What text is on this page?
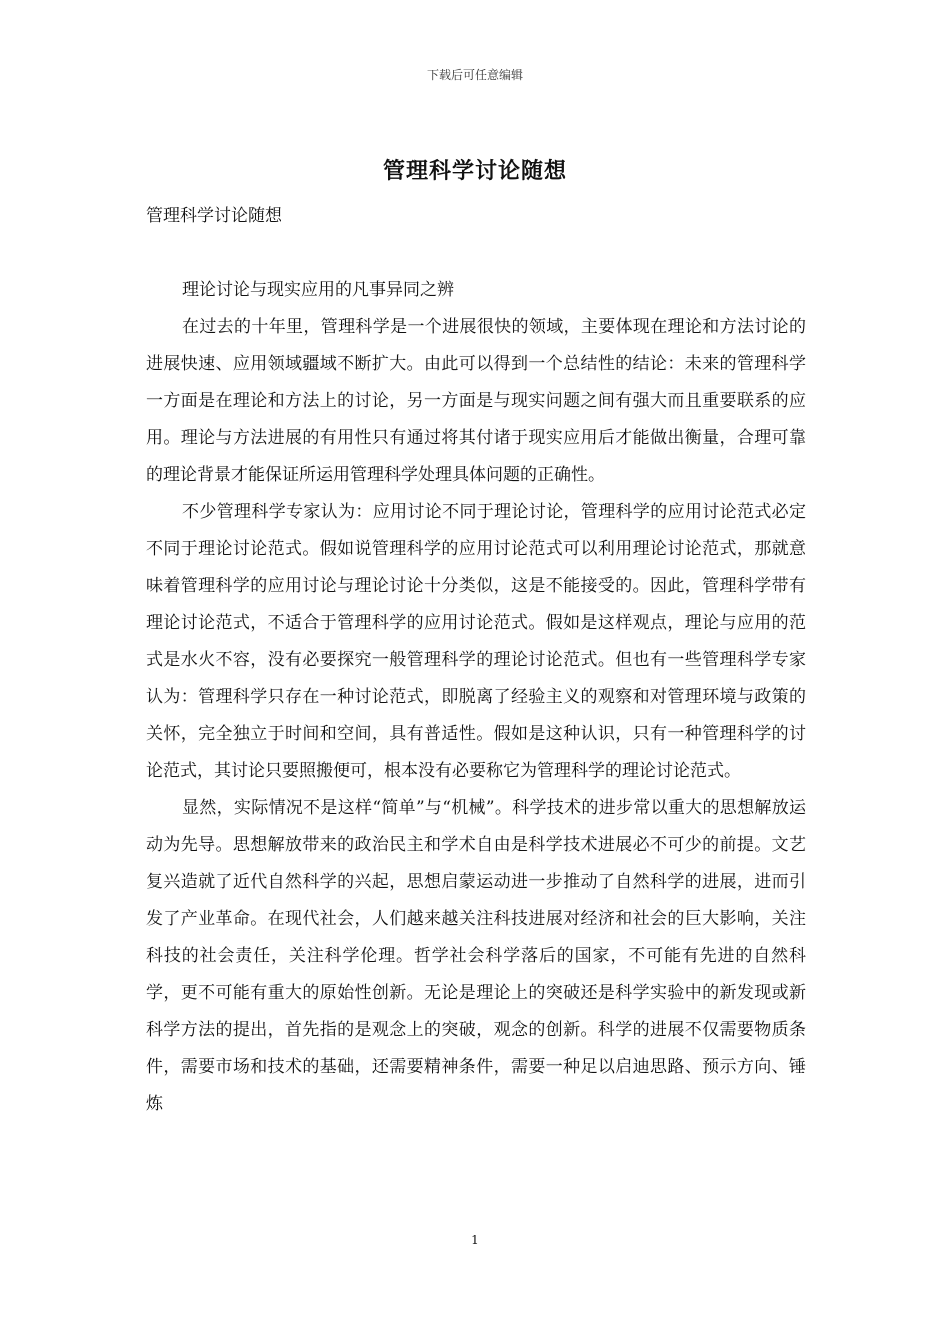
下载后可任意编辑
管理科学讨论随想
管理科学讨论随想

理论讨论与现实应用的凡事异同之辨

在过去的十年里，管理科学是一个进展很快的领域，主要体现在理论和方法讨论的进展快速、应用领域疆域不断扩大。由此可以得到一个总结性的结论：未来的管理科学一方面是在理论和方法上的讨论，另一方面是与现实问题之间有强大而且重要联系的应用。理论与方法进展的有用性只有通过将其付诸于现实应用后才能做出衡量，合理可靠的理论背景才能保证所运用管理科学处理具体问题的正确性。

不少管理科学专家认为：应用讨论不同于理论讨论，管理科学的应用讨论范式必定不同于理论讨论范式。假如说管理科学的应用讨论范式可以利用理论讨论范式，那就意味着管理科学的应用讨论与理论讨论十分类似，这是不能接受的。因此，管理科学带有理论讨论范式，不适合于管理科学的应用讨论范式。假如是这样观点，理论与应用的范式是水火不容，没有必要探究一般管理科学的理论讨论范式。但也有一些管理科学专家认为：管理科学只存在一种讨论范式，即脱离了经验主义的观察和对管理环境与政策的关怀，完全独立于时间和空间，具有普适性。假如是这种认识，只有一种管理科学的讨论范式，其讨论只要照搬便可，根本没有必要称它为管理科学的理论讨论范式。

显然，实际情况不是这样“简单”与“机械”。科学技术的进步常以重大的思想解放运动为先导。思想解放带来的政治民主和学术自由是科学技术进展必不可少的前提。文艺复兴造就了近代自然科学的兴起，思想启蒙运动进一步推动了自然科学的进展，进而引发了产业革命。在现代社会，人们越来越关注科技进展对经济和社会的巨大影响，关注科技的社会责任，关注科学伦理。哲学社会科学落后的国家，不可能有先进的自然科学，更不可能有重大的原始性创新。无论是理论上的突破还是科学实验中的新发现或新科学方法的提出，首先指的是观念上的突破，观念的创新。科学的进展不仅需要物质条件，需要市场和技术的基础，还需要精神条件，需要一种足以启迪思路、预示方向、锤炼

1
